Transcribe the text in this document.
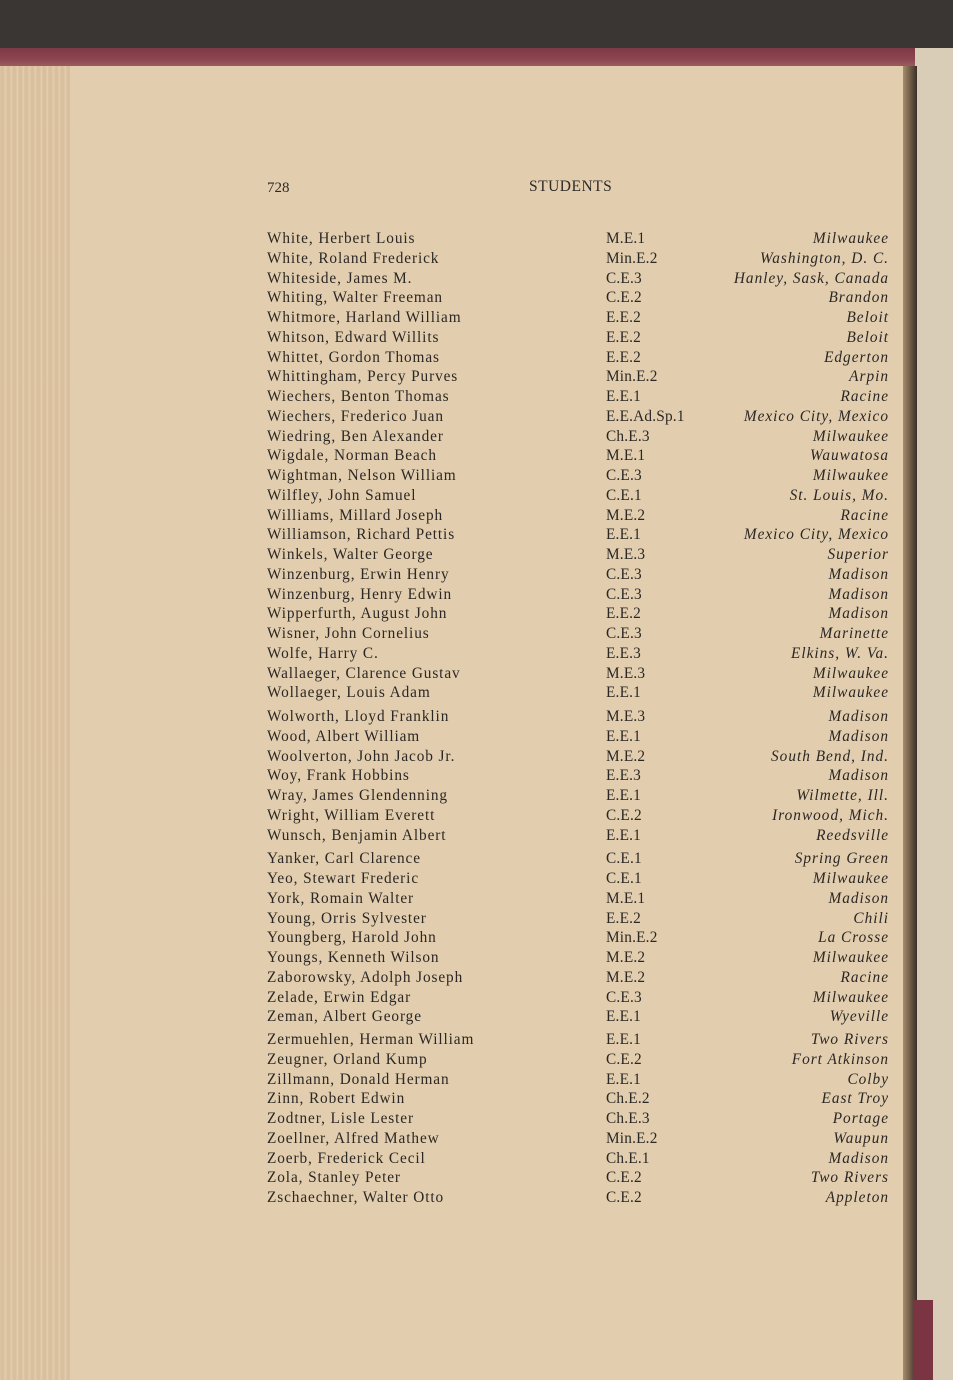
728	STUDENTS
White, Herbert Louis	M.E.1	Milwaukee
White, Roland Frederick	Min.E.2	Washington, D. C.
Whiteside, James M.	C.E.3	Hanley, Sask, Canada
Whiting, Walter Freeman	C.E.2	Brandon
Whitmore, Harland William	E.E.2	Beloit
Whitson, Edward Willits	E.E.2	Beloit
Whittet, Gordon Thomas	E.E.2	Edgerton
Whittingham, Percy Purves	Min.E.2	Arpin
Wiechers, Benton Thomas	E.E.1	Racine
Wiechers, Frederico Juan	E.E.Ad.Sp.1	Mexico City, Mexico
Wiedring, Ben Alexander	Ch.E.3	Milwaukee
Wigdale, Norman Beach	M.E.1	Wauwatosa
Wightman, Nelson William	C.E.3	Milwaukee
Wilfley, John Samuel	C.E.1	St. Louis, Mo.
Williams, Millard Joseph	M.E.2	Racine
Williamson, Richard Pettis	E.E.1	Mexico City, Mexico
Winkels, Walter George	M.E.3	Superior
Winzenburg, Erwin Henry	C.E.3	Madison
Winzenburg, Henry Edwin	C.E.3	Madison
Wipperfurth, August John	E.E.2	Madison
Wisner, John Cornelius	C.E.3	Marinette
Wolfe, Harry C.	E.E.3	Elkins, W. Va.
Wallaeger, Clarence Gustav	M.E.3	Milwaukee
Wollaeger, Louis Adam	E.E.1	Milwaukee
Wolworth, Lloyd Franklin	M.E.3	Madison
Wood, Albert William	E.E.1	Madison
Woolverton, John Jacob Jr.	M.E.2	South Bend, Ind.
Woy, Frank Hobbins	E.E.3	Madison
Wray, James Glendenning	E.E.1	Wilmette, Ill.
Wright, William Everett	C.E.2	Ironwood, Mich.
Wunsch, Benjamin Albert	E.E.1	Reedsville
Yanker, Carl Clarence	C.E.1	Spring Green
Yeo, Stewart Frederic	C.E.1	Milwaukee
York, Romain Walter	M.E.1	Madison
Young, Orris Sylvester	E.E.2	Chili
Youngberg, Harold John	Min.E.2	La Crosse
Youngs, Kenneth Wilson	M.E.2	Milwaukee
Zaborowsky, Adolph Joseph	M.E.2	Racine
Zelade, Erwin Edgar	C.E.3	Milwaukee
Zeman, Albert George	E.E.1	Wyeville
Zermuehlen, Herman William	E.E.1	Two Rivers
Zeugner, Orland Kump	C.E.2	Fort Atkinson
Zillmann, Donald Herman	E.E.1	Colby
Zinn, Robert Edwin	Ch.E.2	East Troy
Zodtner, Lisle Lester	Ch.E.3	Portage
Zoellner, Alfred Mathew	Min.E.2	Waupun
Zoerb, Frederick Cecil	Ch.E.1	Madison
Zola, Stanley Peter	C.E.2	Two Rivers
Zschaechner, Walter Otto	C.E.2	Appleton
